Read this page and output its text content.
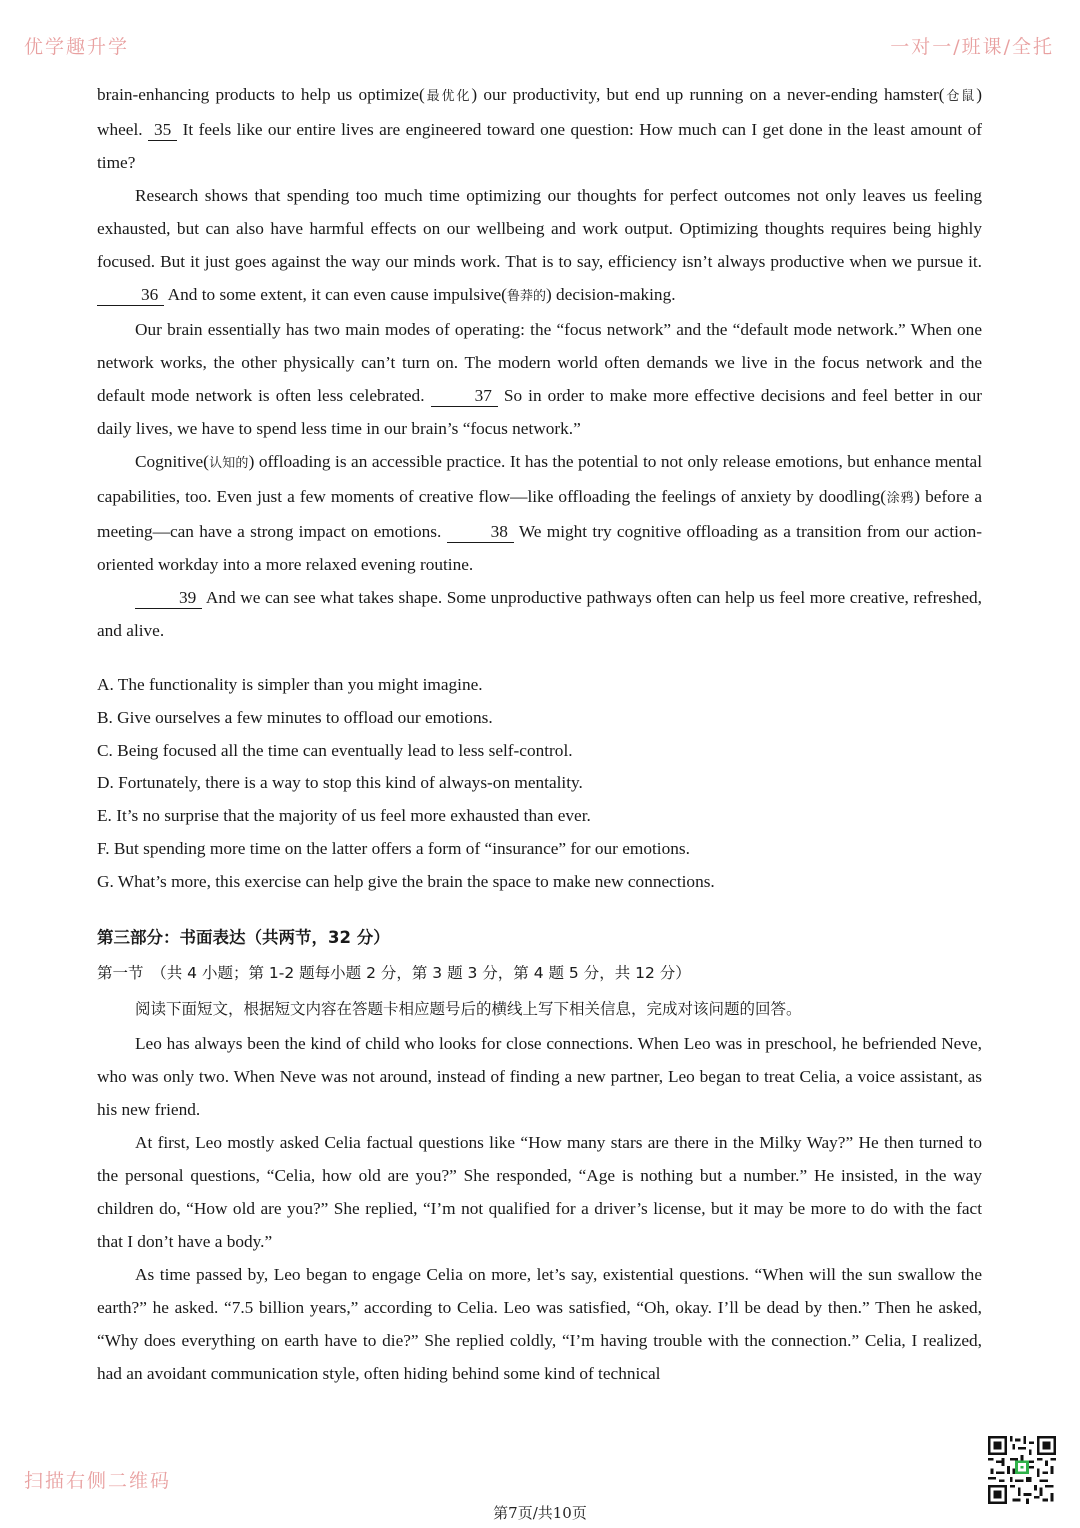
优学趣升学	一对一/班课/全托

brain-enhancing products to help us optimize(最优化) our productivity, but end up running on a never-ending hamster(仓鼠) wheel. 35 It feels like our entire lives are engineered toward one question: How much can I get done in the least amount of time?

Research shows that spending too much time optimizing our thoughts for perfect outcomes not only leaves us feeling exhausted, but can also have harmful effects on our wellbeing and work output. Optimizing thoughts requires being highly focused. But it just goes against the way our minds work. That is to say, efficiency isn’t always productive when we pursue it. 36 And to some extent, it can even cause impulsive(鲁莽的) decision-making.

Our brain essentially has two main modes of operating: the “focus network” and the “default mode network.” When one network works, the other physically can’t turn on. The modern world often demands we live in the focus network and the default mode network is often less celebrated.	37 So in order to make more effective decisions and feel better in our daily lives, we have to spend less time in our brain’s “focus network.”

Cognitive(认知的) offloading is an accessible practice. It has the potential to not only release emotions, but enhance mental capabilities, too. Even just a few moments of creative flow—like offloading the feelings of anxiety by doodling(涂鸦) before a meeting—can have a strong impact on emotions.	38 We might try cognitive offloading as a transition from our action-oriented workday into a more relaxed evening routine.

39 And we can see what takes shape. Some unproductive pathways often can help us feel more creative, refreshed, and alive.

A. The functionality is simpler than you might imagine.

B. Give ourselves a few minutes to offload our emotions.

C. Being focused all the time can eventually lead to less self-control.

D. Fortunately, there is a way to stop this kind of always-on mentality.

E. It’s no surprise that the majority of us feel more exhausted than ever.

F. But spending more time on the latter offers a form of “insurance” for our emotions.

G. What’s more, this exercise can help give the brain the space to make new connections.

第三部分：书面表达（共两节，32 分）
第一节　（共 4 小题；第 1-2 题每小题 2 分，第 3 题 3 分，第 4 题 5 分，共 12 分）
阅读下面短文，根据短文内容在答题卡相应题号后的横线上写下相关信息，完成对该问题的回答。

Leo has always been the kind of child who looks for close connections. When Leo was in preschool, he befriended Neve, who was only two. When Neve was not around, instead of finding a new partner, Leo began to treat Celia, a voice assistant, as his new friend.

At first, Leo mostly asked Celia factual questions like “How many stars are there in the Milky Way?” He then turned to the personal questions, “Celia, how old are you?” She responded, “Age is nothing but a number.” He insisted, in the way children do, “How old are you?” She replied, “I’m not qualified for a driver’s license, but it may be more to do with the fact that I don’t have a body.”

As time passed by, Leo began to engage Celia on more, let’s say, existential questions. “When will the sun swallow the earth?” he asked. “7.5 billion years,” according to Celia. Leo was satisfied, “Oh, okay. I’ll be dead by then.” Then he asked, “Why does everything on earth have to die?” She replied coldly, “I’m having trouble with the connection.” Celia, I realized, had an avoidant communication style, often hiding behind some kind of technical

扫描右侧二维码
第7页/共10页
